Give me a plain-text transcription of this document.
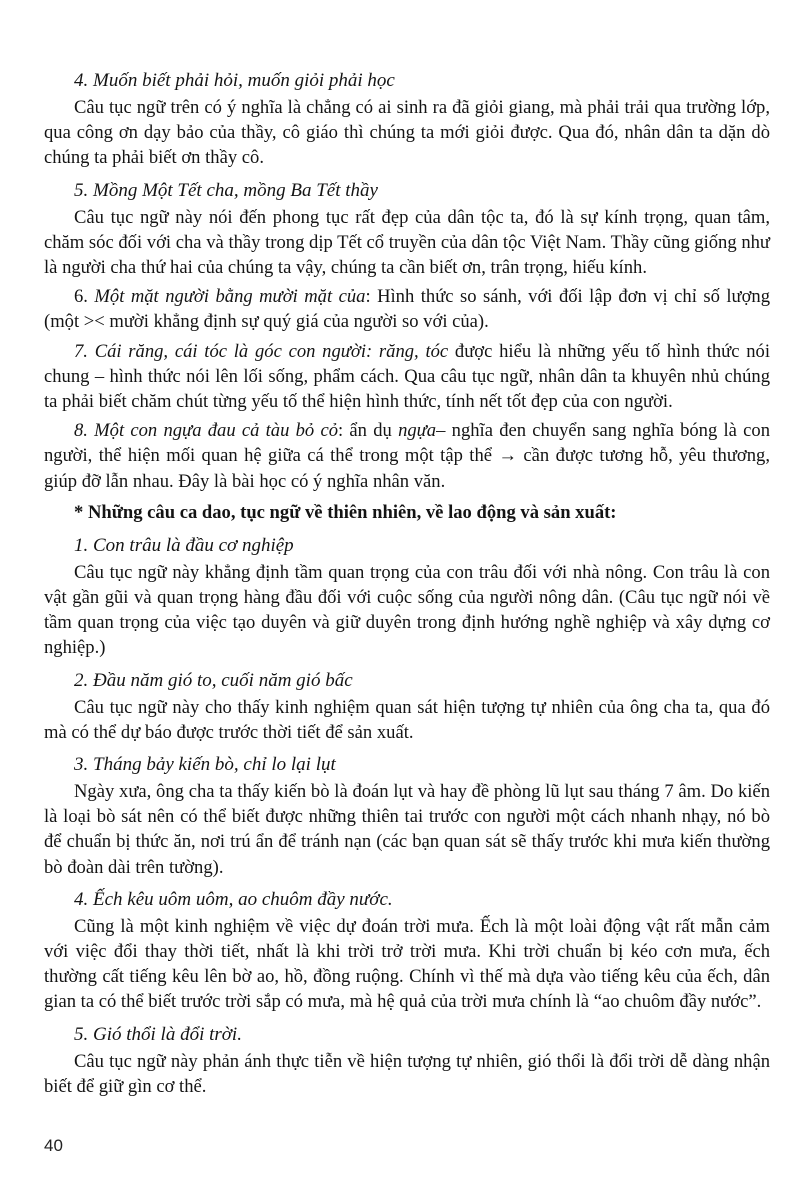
4. Muốn biết phải hỏi, muốn giỏi phải học
Câu tục ngữ trên có ý nghĩa là chẳng có ai sinh ra đã giỏi giang, mà phải trải qua trường lớp, qua công ơn dạy bảo của thầy, cô giáo thì chúng ta mới giỏi được. Qua đó, nhân dân ta dặn dò chúng ta phải biết ơn thầy cô.
5. Mồng Một Tết cha, mồng Ba Tết thầy
Câu tục ngữ này nói đến phong tục rất đẹp của dân tộc ta, đó là sự kính trọng, quan tâm, chăm sóc đối với cha và thầy trong dịp Tết cổ truyền của dân tộc Việt Nam. Thầy cũng giống như là người cha thứ hai của chúng ta vậy, chúng ta cần biết ơn, trân trọng, hiếu kính.
6. Một mặt người bằng mười mặt của: Hình thức so sánh, với đối lập đơn vị chỉ số lượng (một >< mười khẳng định sự quý giá của người so với của).
7. Cái răng, cái tóc là góc con người: răng, tóc được hiểu là những yếu tố hình thức nói chung – hình thức nói lên lối sống, phẩm cách. Qua câu tục ngữ, nhân dân ta khuyên nhủ chúng ta phải biết chăm chút từng yếu tố thể hiện hình thức, tính nết tốt đẹp của con người.
8. Một con ngựa đau cả tàu bỏ cỏ: ẩn dụ ngựa– nghĩa đen chuyển sang nghĩa bóng là con người, thể hiện mối quan hệ giữa cá thể trong một tập thể → cần được tương hỗ, yêu thương, giúp đỡ lẫn nhau. Đây là bài học có ý nghĩa nhân văn.
* Những câu ca dao, tục ngữ về thiên nhiên, về lao động và sản xuất:
1. Con trâu là đầu cơ nghiệp
Câu tục ngữ này khẳng định tầm quan trọng của con trâu đối với nhà nông. Con trâu là con vật gần gũi và quan trọng hàng đầu đối với cuộc sống của người nông dân. (Câu tục ngữ nói về tầm quan trọng của việc tạo duyên và giữ duyên trong định hướng nghề nghiệp và xây dựng cơ nghiệp.)
2. Đầu năm gió to, cuối năm gió bấc
Câu tục ngữ này cho thấy kinh nghiệm quan sát hiện tượng tự nhiên của ông cha ta, qua đó mà có thể dự báo được trước thời tiết để sản xuất.
3. Tháng bảy kiến bò, chỉ lo lại lụt
Ngày xưa, ông cha ta thấy kiến bò là đoán lụt và hay đề phòng lũ lụt sau tháng 7 âm. Do kiến là loại bò sát nên có thể biết được những thiên tai trước con người một cách nhanh nhạy, nó bò để chuẩn bị thức ăn, nơi trú ẩn để tránh nạn (các bạn quan sát sẽ thấy trước khi mưa kiến thường bò đoàn dài trên tường).
4. Ếch kêu uôm uôm, ao chuôm đầy nước.
Cũng là một kinh nghiệm về việc dự đoán trời mưa. Ếch là một loài động vật rất mẫn cảm với việc đổi thay thời tiết, nhất là khi trời trở trời mưa. Khi trời chuẩn bị kéo cơn mưa, ếch thường cất tiếng kêu lên bờ ao, hồ, đồng ruộng. Chính vì thế mà dựa vào tiếng kêu của ếch, dân gian ta có thể biết trước trời sắp có mưa, mà hệ quả của trời mưa chính là “ao chuôm đầy nước”.
5. Gió thổi là đổi trời.
Câu tục ngữ này phản ánh thực tiễn về hiện tượng tự nhiên, gió thổi là đổi trời dễ dàng nhận biết để giữ gìn cơ thể.
40
